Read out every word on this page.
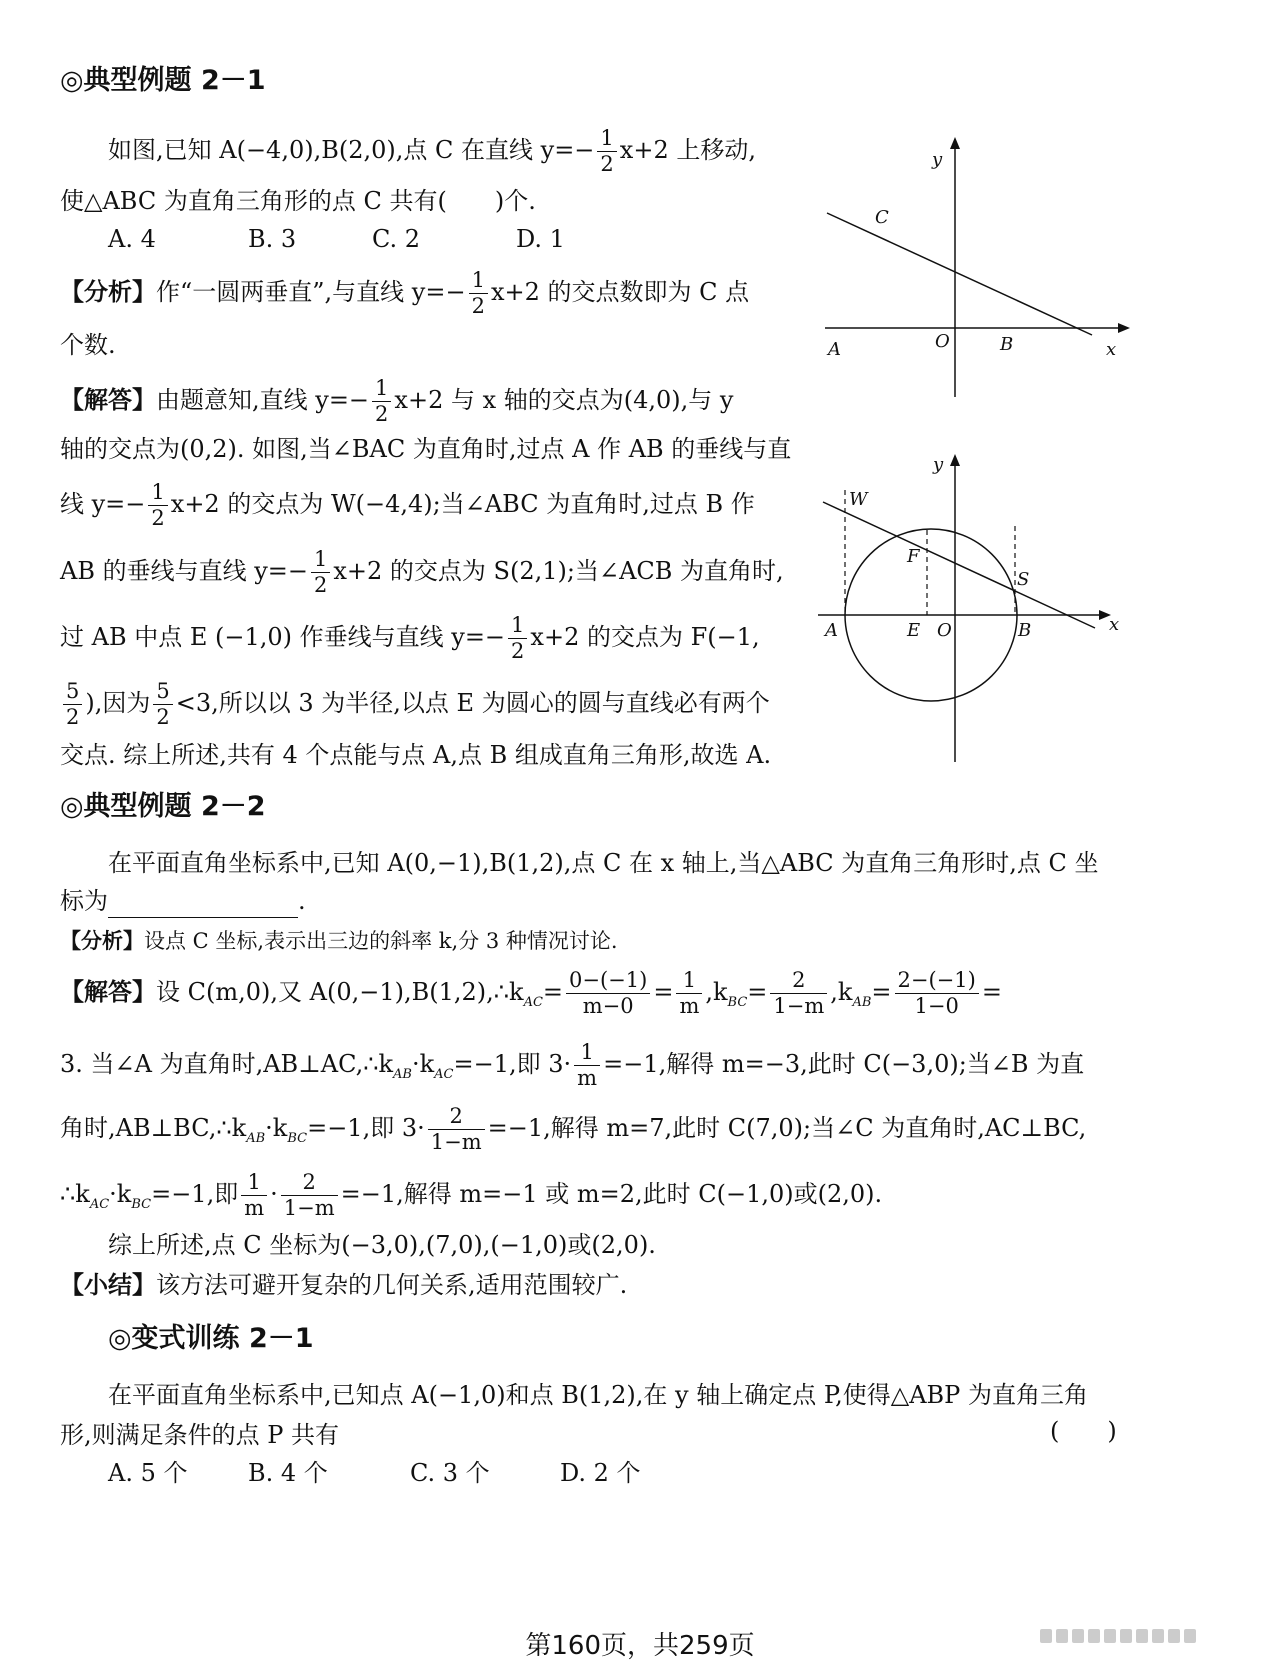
◎典型例题 2－1
如图,已知 A(−4,0),B(2,0),点 C 在直线 $y=- \frac{1}{2} x+2$ 上移动,
使△ABC 为直角三角形的点 C 共有(　　)个.
A. 4	B. 3	C. 2	D. 1
【分析】作“一圆两垂直”,与直线 $y=- \frac{1}{2} x+2$ 的交点数即为 C 点
个数.
【解答】由题意知,直线 $y=- \frac{1}{2} x+2$ 与 x 轴的交点为(4,0),与 y
轴的交点为(0,2). 如图,当∠BAC 为直角时,过点 A 作 AB 的垂线与直
线 $y=- \frac{1}{2} x+2$ 的交点为 W(−4,4);当∠ABC 为直角时,过点 B 作
AB 的垂线与直线 $y=- \frac{1}{2} x+2$ 的交点为 S(2,1);当∠ACB 为直角时,
过 AB 中点 E (−1,0) 作垂线与直线 $y=- \frac{1}{2} x+2$ 的交点为 F(−1,
$\frac{5}{2}$ ),因为 $\frac{5}{2} <3$,所以以 3 为半径,以点 E 为圆心的圆与直线必有两个
交点. 综上所述,共有 4 个点能与点 A,点 B 组成直角三角形,故选 A.
y
x
C
A	O	B
y
x
W
F
S
A	E O	B
◎典型例题 2－2
在平面直角坐标系中,已知 A(0,−1),B(1,2),点 C 在 x 轴上,当△ABC 为直角三角形时,点 C 坐
标为	.
【分析】设点 C 坐标,表示出三边的斜率 k,分 3 种情况讨论.
【解答】设 C(m,0),又 $A(0,-1),B(1,2),\therefore k_{AC}= \frac{0-(-1)}{m-0} = \frac{1}{m} ,k_{BC}= \frac{2}{1-m} ,k_{AB}= \frac{2-(-1)}{1-0}$ =
3. 当∠A 为直角时$,AB\perp AC,\therefore k_{AB}\cdot k_{AC}=-1$,即 $3\cdot \frac{1}{m} =-1$,解得 m=−3,此时 C(−3,0);当∠B 为直
角时$,AB\perp BC,\therefore k_{AB}\cdot k_{BC}=-1$,即 $3\cdot \frac{2}{1-m} =-1$,解得 m=7,此时 C(7,0);当∠C 为直角时,AC⊥BC,
$\therefore k_{AC}\cdot k_{BC}=-1$,即 $\frac{1}{m} \cdot \frac{2}{1-m} =-1$,解得 m=−1 或 m=2,此时 C(−1,0)或(2,0).
综上所述,点 C 坐标为(−3,0),(7,0),(−1,0)或(2,0).
【小结】该方法可避开复杂的几何关系,适用范围较广.
◎变式训练 2－1
在平面直角坐标系中,已知点 A(−1,0)和点 B(1,2),在 y 轴上确定点 P,使得△ABP 为直角三角
形,则满足条件的点 P 共有	(　　)
A. 5 个	B. 4 个	C. 3 个	D. 2 个
第160页，共259页
